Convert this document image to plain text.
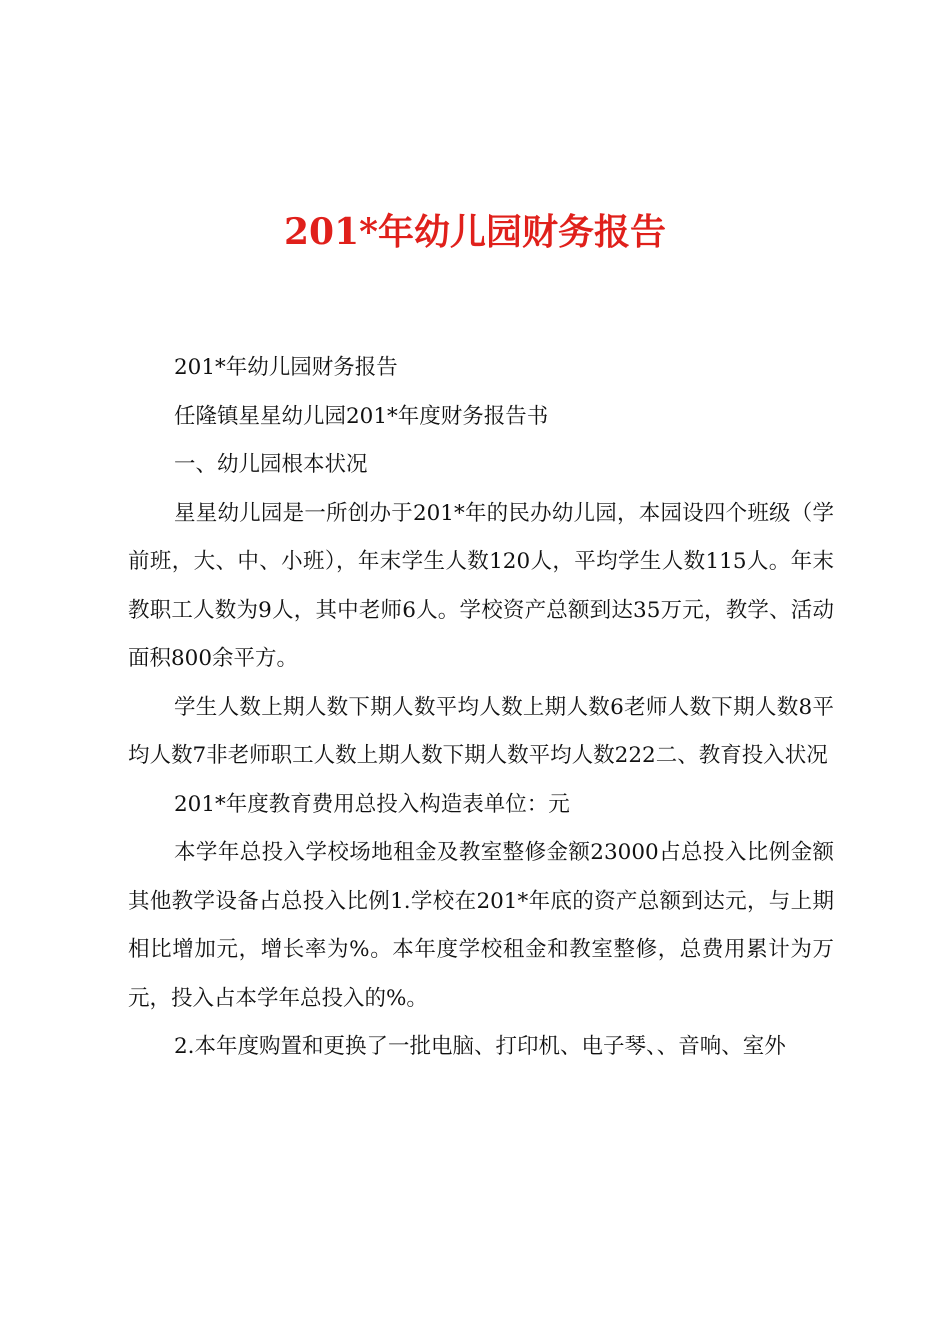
201*年幼儿园财务报告

201*年幼儿园财务报告

任隆镇星星幼儿园201*年度财务报告书

一、幼儿园根本状况

星星幼儿园是一所创办于201*年的民办幼儿园，本园设四个班级（学前班，大、中、小班），年末学生人数120人，平均学生人数115人。年末教职工人数为9人，其中老师6人。学校资产总额到达35万元，教学、活动面积800余平方。

学生人数上期人数下期人数平均人数上期人数6老师人数下期人数8平均人数7非老师职工人数上期人数下期人数平均人数222二、教育投入状况

201*年度教育费用总投入构造表单位：元

本学年总投入学校场地租金及教室整修金额23000占总投入比例金额其他教学设备占总投入比例1.学校在201*年底的资产总额到达元，与上期相比增加元，增长率为%。本年度学校租金和教室整修，总费用累计为万元，投入占本学年总投入的%。

2.本年度购置和更换了一批电脑、打印机、电子琴、、音响、室外
